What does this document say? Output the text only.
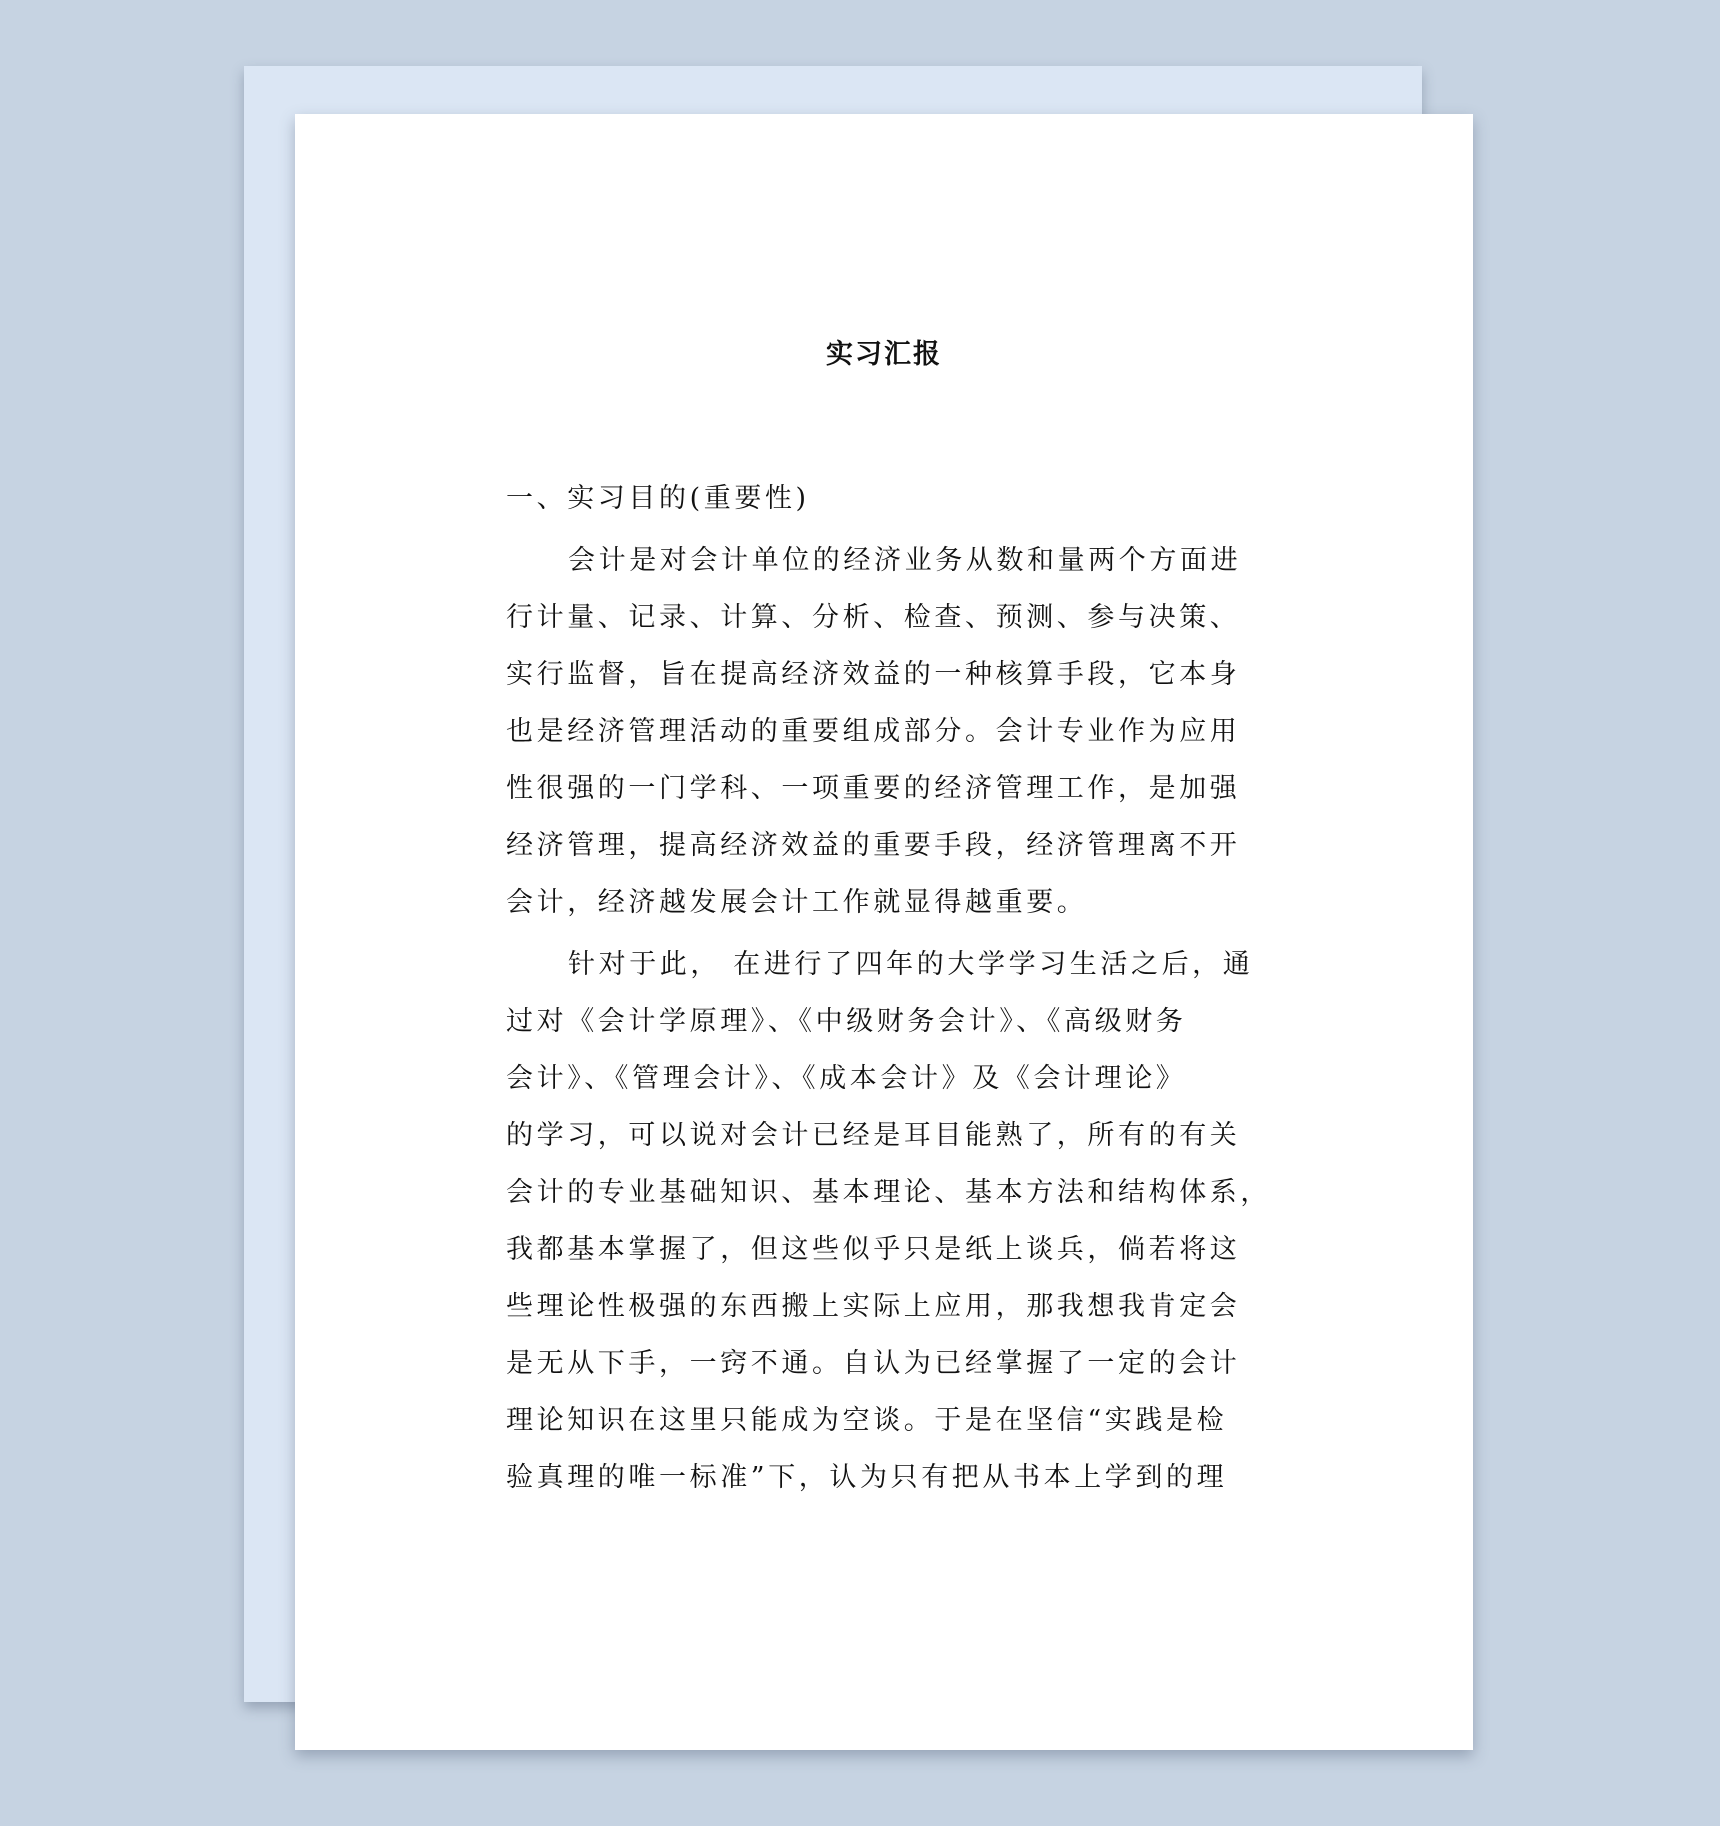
实习汇报
一、实习目的(重要性)
会计是对会计单位的经济业务从数和量两个方面进
行计量、记录、计算、分析、检查、预测、参与决策、
实行监督，旨在提高经济效益的一种核算手段，它本身
也是经济管理活动的重要组成部分。会计专业作为应用
性很强的一门学科、一项重要的经济管理工作，是加强
经济管理，提高经济效益的重要手段，经济管理离不开
会计，经济越发展会计工作就显得越重要。
针对于此， 在进行了四年的大学学习生活之后，通
过对《会计学原理》、《中级财务会计》、《高级财务
会计》、《管理会计》、《成本会计》及《会计理论》
的学习，可以说对会计已经是耳目能熟了，所有的有关
会计的专业基础知识、基本理论、基本方法和结构体系，
我都基本掌握了，但这些似乎只是纸上谈兵，倘若将这
些理论性极强的东西搬上实际上应用，那我想我肯定会
是无从下手，一窍不通。自认为已经掌握了一定的会计
理论知识在这里只能成为空谈。于是在坚信“实践是检
验真理的唯一标准”下，认为只有把从书本上学到的理
